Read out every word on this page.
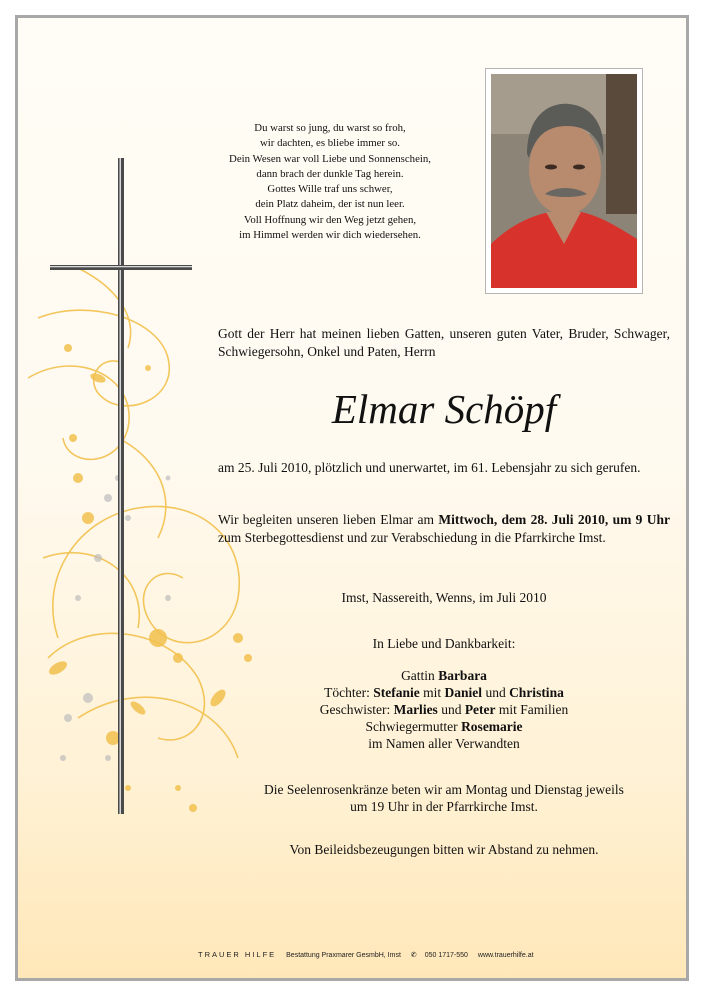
Du warst so jung, du warst so froh,
wir dachten, es bliebe immer so.
Dein Wesen war voll Liebe und Sonnenschein,
dann brach der dunkle Tag herein.
Gottes Wille traf uns schwer,
dein Platz daheim, der ist nun leer.
Voll Hoffnung wir den Weg jetzt gehen,
im Himmel werden wir dich wiedersehen.
Gott der Herr hat meinen lieben Gatten, unseren guten Vater, Bruder, Schwager, Schwiegersohn, Onkel und Paten, Herrn
Elmar Schöpf
am 25. Juli 2010, plötzlich und unerwartet, im 61. Lebensjahr zu sich gerufen.
Wir begleiten unseren lieben Elmar am Mittwoch, dem 28. Juli 2010, um 9 Uhr zum Sterbegottesdienst und zur Verabschiedung in die Pfarrkirche Imst.
Imst, Nassereith, Wenns, im Juli 2010
In Liebe und Dankbarkeit:
Gattin Barbara
Töchter: Stefanie mit Daniel und Christina
Geschwister: Marlies und Peter mit Familien
Schwiegermutter Rosemarie
im Namen aller Verwandten
Die Seelenrosenkränze beten wir am Montag und Dienstag jeweils
um 19 Uhr in der Pfarrkirche Imst.
Von Beileidsbezeugungen bitten wir Abstand zu nehmen.
TRAUER HILFE Bestattung Praxmarer GesmbH, Imst ✆ 050 1717-550 www.trauerhilfe.at
